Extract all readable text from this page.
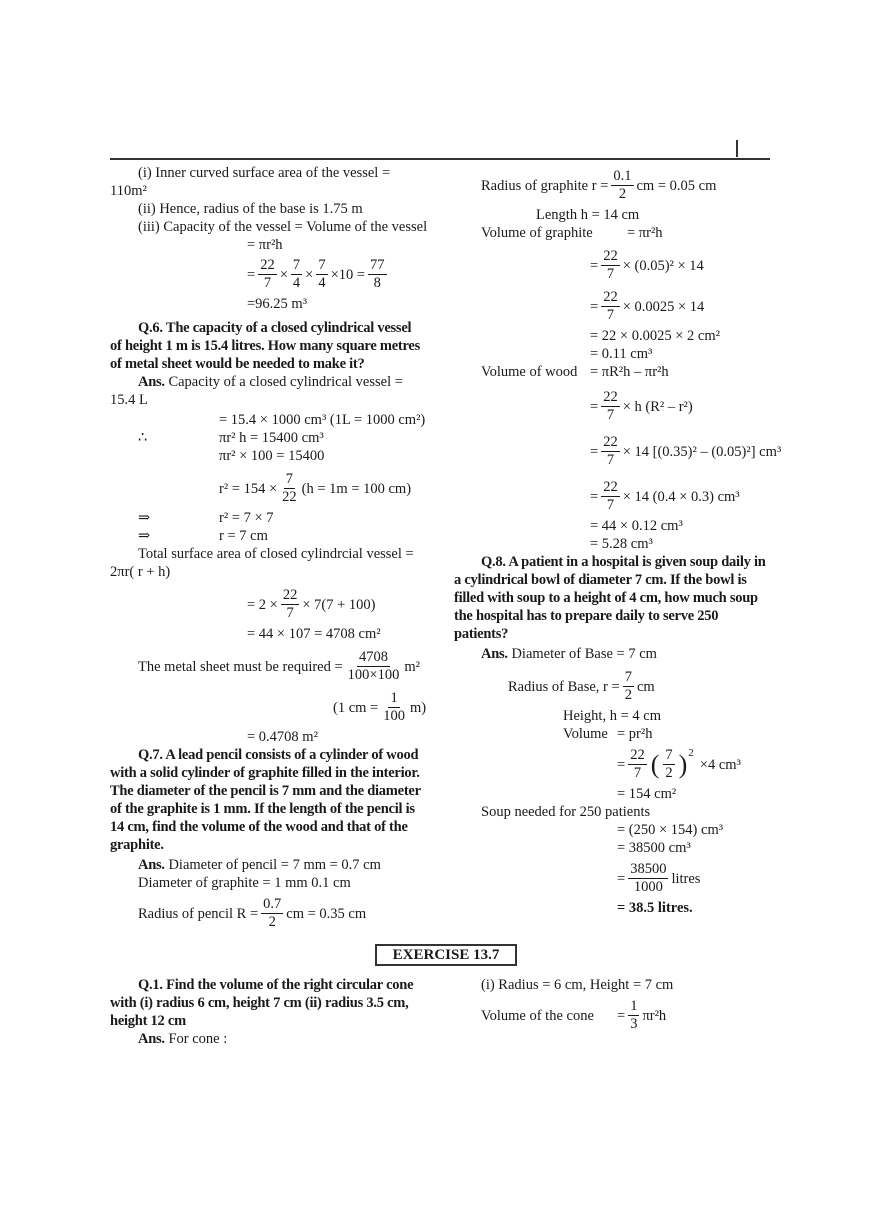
(i) Inner curved surface area of the vessel =
110m²
(ii) Hence, radius of the base is 1.75 m
(iii) Capacity of the vessel = Volume of the vessel
= πr²h
= $\frac{22}{7} \times \frac{7}{4} \times \frac{7}{4} \times 10 = \frac{77}{8}$
=96.25 m³
Q.6. The capacity of a closed cylindrical vessel
of height 1 m is 15.4 litres. How many square metres
of metal sheet would be needed to make it?
Ans. Capacity of a closed cylindrical vessel =
15.4 L
= 15.4 × 1000 cm³ (1L = 1000 cm²)
∴	πr² h = 15400 cm³
πr² × 100 = 15400
$r^2 = 154 \times \frac{7}{22} (h = 1m = 100$ cm)
⇒	r² = 7 × 7
⇒	r = 7 cm
Total surface area of closed cylindrcial vessel =
2πr( r + h)
= $2 \times \frac{22}{7} \times 7(7 + 100)$
= 44 × 107 = 4708 cm²
The metal sheet must be required = $\frac{4708}{100\times 100} m^2$
(1 cm = $\frac{1}{100} m$)
= 0.4708 m²
Q.7. A lead pencil consists of a cylinder of wood
with a solid cylinder of graphite filled in the interior.
The diameter of the pencil is 7 mm and the diameter
of the graphite is 1 mm. If the length of the pencil is
14 cm, find the volume of the wood and that of the
graphite.
Ans. Diameter of pencil = 7 mm = 0.7 cm
Diameter of graphite = 1 mm 0.1 cm
Radius of pencil $R = \frac{0.7}{2}$ cm = 0.35 cm
Radius of graphite $r = \frac{0.1}{2}$ cm = 0.05 cm
Length h = 14 cm
Volume of graphite	= πr²h
= $\frac{22}{7} \times (0.05)^2 \times 14$
= $\frac{22}{7} \times 0.0025 \times 14$
= 22 × 0.0025 × 2 cm²
= 0.11 cm³
Volume of wood = πR²h – πr²h
= $\frac{22}{7} \times h$ (R² – r²)
= $\frac{22}{7} \times 14$ [(0.35)² – (0.05)²] cm³
= $\frac{22}{7} \times 14$ (0.4 × 0.3) cm³
= 44 × 0.12 cm³
= 5.28 cm³
Q.8. A patient in a hospital is given soup daily in
a cylindrical bowl of diameter 7 cm. If the bowl is
filled with soup to a height of 4 cm, how much soup
the hospital has to prepare daily to serve 250
patients?
Ans. Diameter of Base = 7 cm
Radius of Base, $r = \frac{7}{2}$ cm
Height, h = 4 cm
Volume = pr²h
= $\frac{22}{7}$ ( $\frac{7}{2}$ ) 2
×4 cm³
= 154 cm²
Soup needed for 250 patients
= (250 × 154) cm³
= 38500 cm³
= $\frac{38500}{1000}$ litres
= 38.5 litres.
EXERCISE 13.7
Q.1. Find the volume of the right circular cone
with (i) radius 6 cm, height 7 cm (ii) radius 3.5 cm,
height 12 cm
Ans. For cone :
(i) Radius = 6 cm, Height = 7 cm
Volume of the cone	= $\frac{1}{3} \pi r^2h$
